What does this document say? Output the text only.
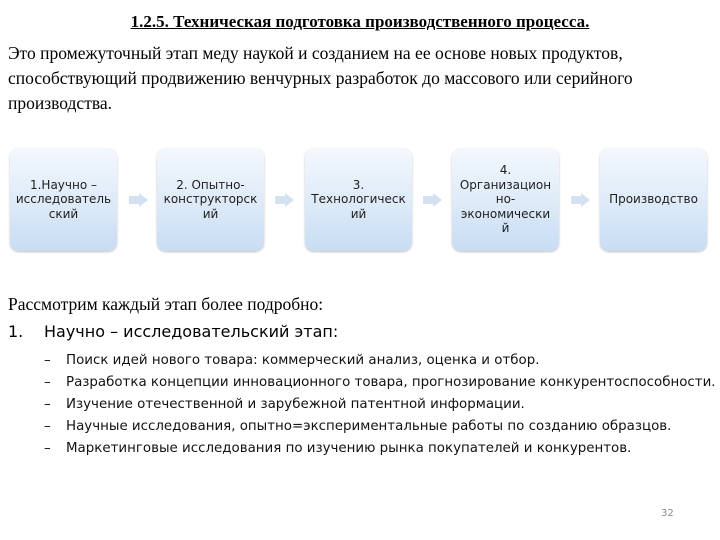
1.2.5. Техническая подготовка производственного процесса.
Это промежуточный этап меду наукой и созданием на ее основе новых продуктов, способствующий продвижению венчурных разработок до массового или серийного производства.
1.Научно – исследовательский
2. Опытно-конструкторский
3. Технологический
4. Организационно-экономический
Производство
Рассмотрим каждый этап более подробно:
1. Научно – исследовательский этап:
– Поиск идей нового товара: коммерческий анализ, оценка и отбор.
– Разработка концепции инновационного товара, прогнозирование конкурентоспособности.
– Изучение отечественной и зарубежной патентной информации.
– Научные исследования, опытно=экспериментальные работы по созданию образцов.
– Маркетинговые исследования по изучению рынка покупателей и конкурентов.
32
